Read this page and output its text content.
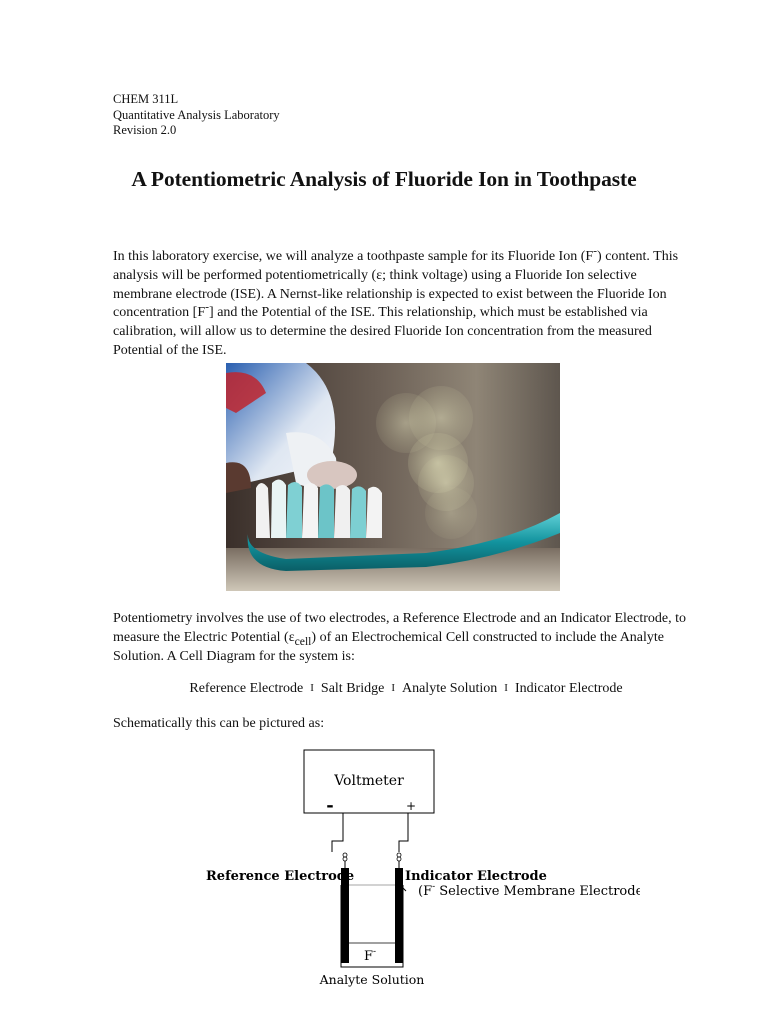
CHEM 311L
Quantitative Analysis Laboratory
Revision 2.0
A Potentiometric Analysis of Fluoride Ion in Toothpaste

In this laboratory exercise, we will analyze a toothpaste sample for its Fluoride Ion (F-) content. This analysis will be performed potentiometrically (ε; think voltage) using a Fluoride Ion selective membrane electrode (ISE). A Nernst-like relationship is expected to exist between the Fluoride Ion concentration [F-] and the Potential of the ISE. This relationship, which must be established via calibration, will allow us to determine the desired Fluoride Ion concentration from the measured Potential of the ISE.

Potentiometry involves the use of two electrodes, a Reference Electrode and an Indicator Electrode, to measure the Electric Potential $(\varepsilon_{cell})$ of an Electrochemical Cell constructed to include the Analyte Solution. A Cell Diagram for the system is:

Reference Electrode I Salt Bridge I Analyte Solution I Indicator Electrode
Schematically this can be pictured as:
Voltmeter
-	+
F-
Reference Electrode	Indicator Electrode
(F- Selective Membrane Electrode)
Analyte Solution
